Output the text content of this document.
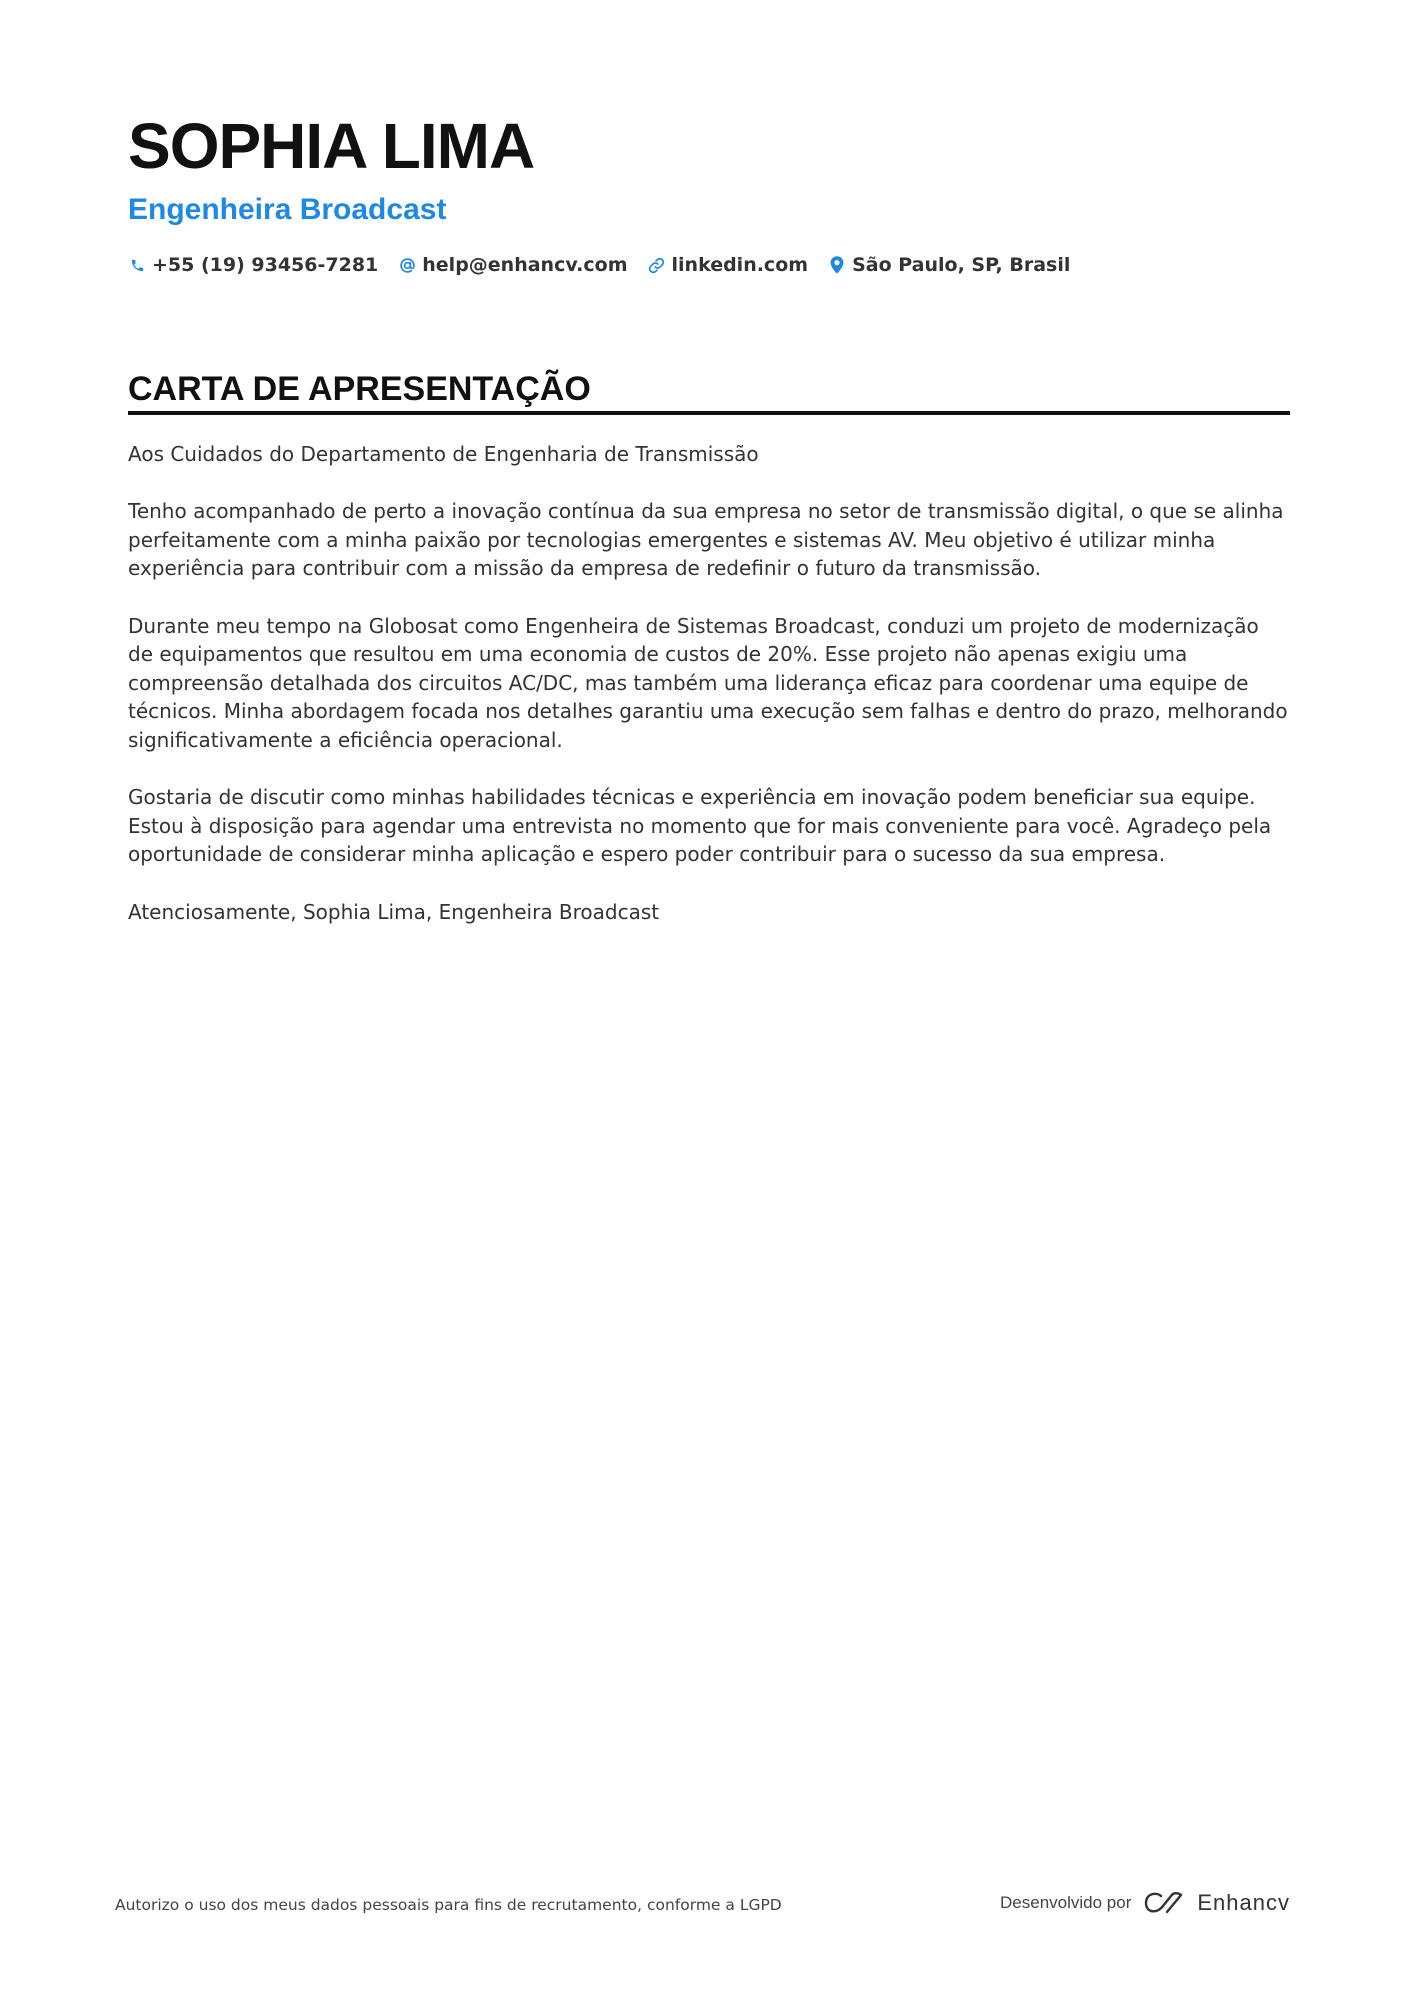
SOPHIA LIMA
Engenheira Broadcast
+55 (19) 93456-7281 help@enhancv.com linkedin.com São Paulo, SP, Brasil
CARTA DE APRESENTAÇÃO

Aos Cuidados do Departamento de Engenharia de Transmissão

Tenho acompanhado de perto a inovação contínua da sua empresa no setor de transmissão digital, o que se alinha perfeitamente com a minha paixão por tecnologias emergentes e sistemas AV. Meu objetivo é utilizar minha experiência para contribuir com a missão da empresa de redefinir o futuro da transmissão.

Durante meu tempo na Globosat como Engenheira de Sistemas Broadcast, conduzi um projeto de modernização de equipamentos que resultou em uma economia de custos de 20%. Esse projeto não apenas exigiu uma compreensão detalhada dos circuitos AC/DC, mas também uma liderança eficaz para coordenar uma equipe de técnicos. Minha abordagem focada nos detalhes garantiu uma execução sem falhas e dentro do prazo, melhorando significativamente a eficiência operacional.

Gostaria de discutir como minhas habilidades técnicas e experiência em inovação podem beneficiar sua equipe. Estou à disposição para agendar uma entrevista no momento que for mais conveniente para você. Agradeço pela oportunidade de considerar minha aplicação e espero poder contribuir para o sucesso da sua empresa.

Atenciosamente, Sophia Lima, Engenheira Broadcast

Autorizo o uso dos meus dados pessoais para fins de recrutamento, conforme a LGPD	Desenvolvido por	Enhancv
